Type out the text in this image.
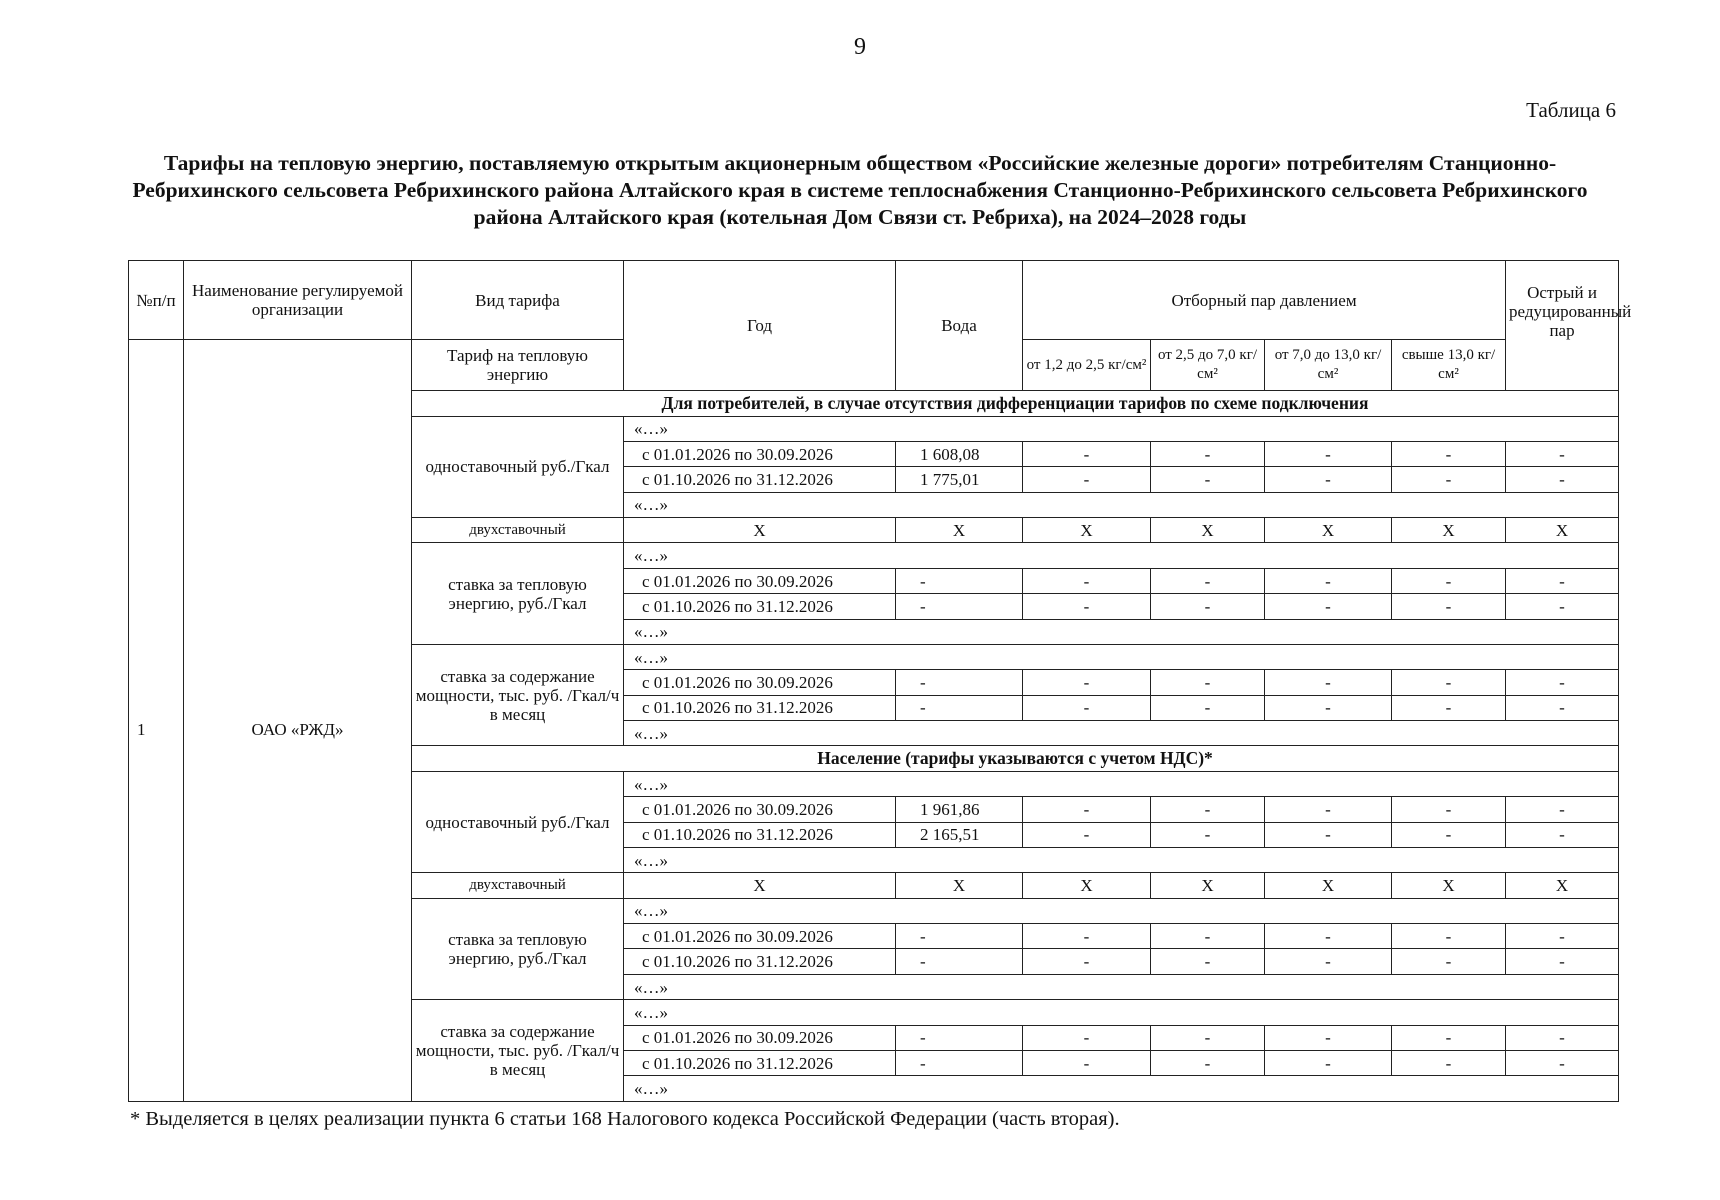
9
Таблица 6
Тарифы на тепловую энергию, поставляемую открытым акционерным обществом «Российские железные дороги» потребителям Станционно-Ребрихинского сельсовета Ребрихинского района Алтайского края в системе теплоснабжения Станционно-Ребрихинского сельсовета Ребрихинского района Алтайского края (котельная Дом Связи ст. Ребриха), на 2024–2028 годы
№п/п	Наименование регулируемой организации	Вид тарифа	Год	Вода	Отборный пар давлением				Острый и редуцированный пар
1	ОАО «РЖД»	Тариф на тепловую энергию			от 1,2 до 2,5 кг/см²	от 2,5 до 7,0 кг/см²	от 7,0 до 13,0 кг/см²	свыше 13,0 кг/см²	
		Для потребителей, в случае отсутствия дифференциации тарифов по схеме подключения							
		одноставочный руб./Гкал	«…»						
			с 01.01.2026 по 30.09.2026	1 608,08	-	-	-	-	-
			с 01.10.2026 по 31.12.2026	1 775,01	-	-	-	-	-
			«…»						
		двухставочный	X	X	X	X	X	X	X
		ставка за тепловую энергию, руб./Гкал	«…»						
			с 01.01.2026 по 30.09.2026	-	-	-	-	-	-
			с 01.10.2026 по 31.12.2026	-	-	-	-	-	-
			«…»						
		ставка за содержание мощности, тыс. руб. /Гкал/ч в месяц	«…»						
			с 01.01.2026 по 30.09.2026	-	-	-	-	-	-
			с 01.10.2026 по 31.12.2026	-	-	-	-	-	-
			«…»						
		Население (тарифы указываются с учетом НДС)*							
		одноставочный руб./Гкал	«…»						
			с 01.01.2026 по 30.09.2026	1 961,86	-	-	-	-	-
			с 01.10.2026 по 31.12.2026	2 165,51	-	-	-	-	-
			«…»						
		двухставочный	X	X	X	X	X	X	X
		ставка за тепловую энергию, руб./Гкал	«…»						
			с 01.01.2026 по 30.09.2026	-	-	-	-	-	-
			с 01.10.2026 по 31.12.2026	-	-	-	-	-	-
			«…»						
		ставка за содержание мощности, тыс. руб. /Гкал/ч в месяц	«…»						
			с 01.01.2026 по 30.09.2026	-	-	-	-	-	-
			с 01.10.2026 по 31.12.2026	-	-	-	-	-	-
			«…»						
* Выделяется в целях реализации пункта 6 статьи 168 Налогового кодекса Российской Федерации (часть вторая).
